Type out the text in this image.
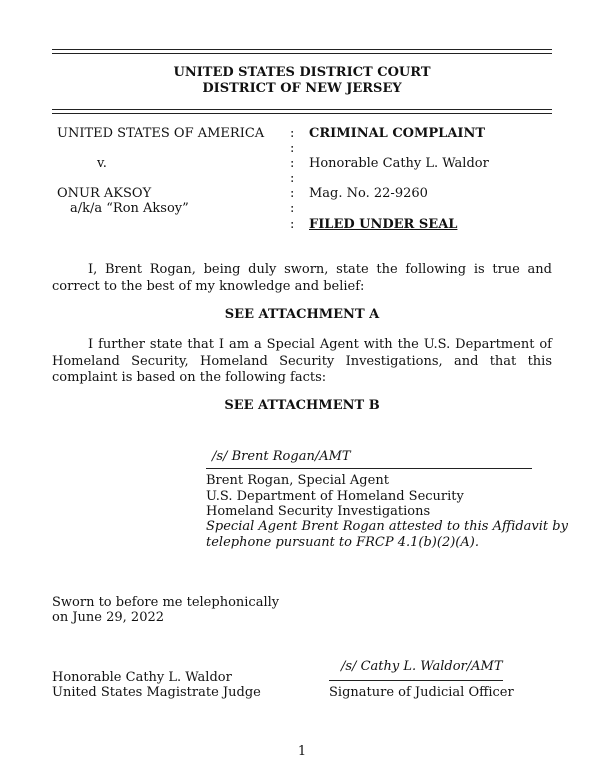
UNITED STATES DISTRICT COURT
DISTRICT OF NEW JERSEY
UNITED STATES OF AMERICA
v.
ONUR AKSOY
a/k/a “Ron Aksoy”
:
:
:
:
:
:
:
CRIMINAL COMPLAINT
Honorable Cathy L. Waldor
Mag. No. 22-9260
FILED UNDER SEAL
I, Brent Rogan, being duly sworn, state the following is true and correct to the best of my knowledge and belief:
SEE ATTACHMENT A
I further state that I am a Special Agent with the U.S. Department of Homeland Security, Homeland Security Investigations, and that this complaint is based on the following facts:
SEE ATTACHMENT B
/s/ Brent Rogan/AMT
Brent Rogan, Special Agent
U.S. Department of Homeland Security
Homeland Security Investigations
Special Agent Brent Rogan attested to this Affidavit by
telephone pursuant to FRCP 4.1(b)(2)(A).
Sworn to before me telephonically
on June 29, 2022
Honorable Cathy L. Waldor
United States Magistrate Judge
/s/ Cathy L. Waldor/AMT
Signature of Judicial Officer
1
